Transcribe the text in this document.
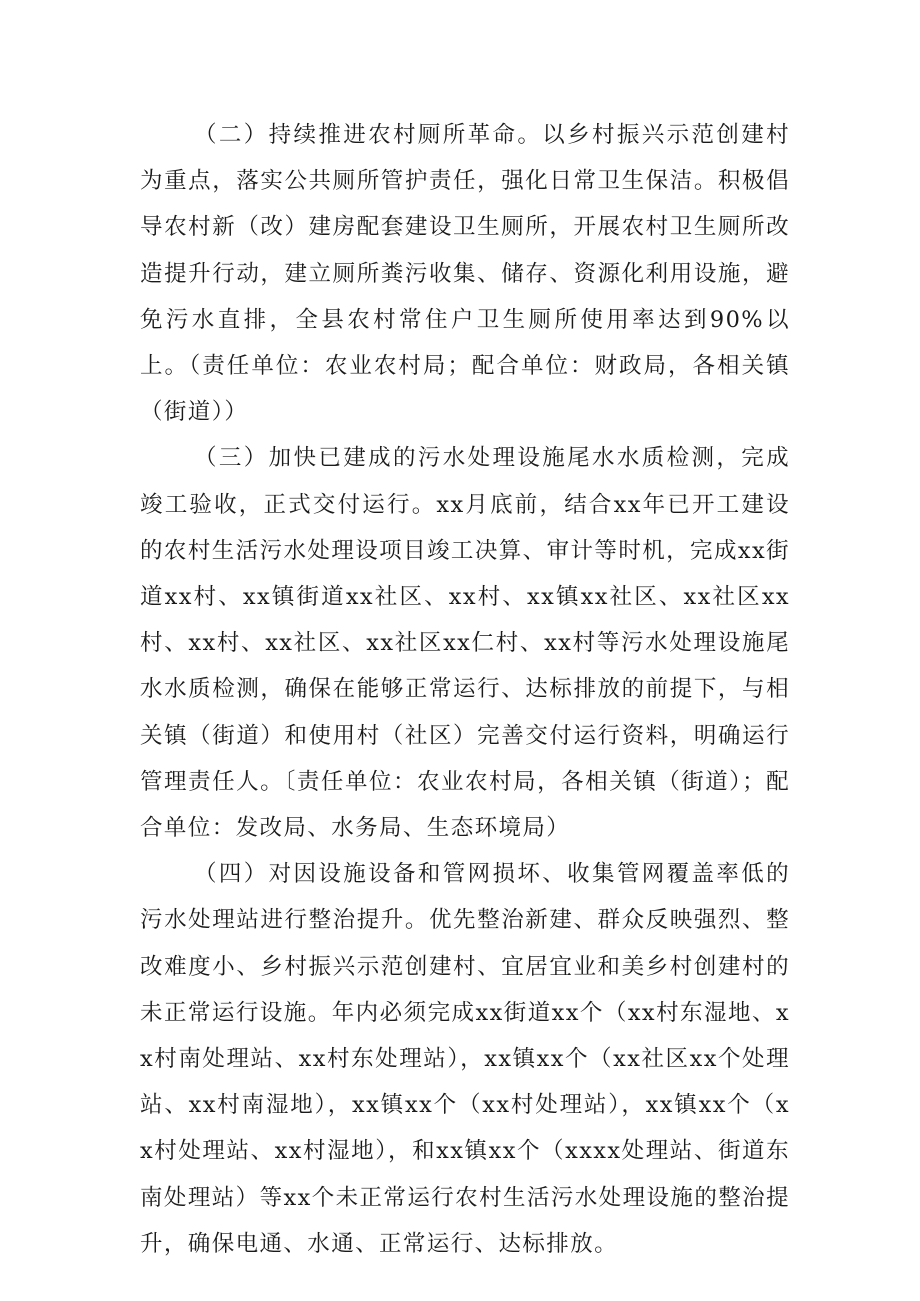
（二）持续推进农村厕所革命。以乡村振兴示范创建村为重点，落实公共厕所管护责任，强化日常卫生保洁。积极倡导农村新（改）建房配套建设卫生厕所，开展农村卫生厕所改造提升行动，建立厕所粪污收集、储存、资源化利用设施，避免污水直排，全县农村常住户卫生厕所使用率达到90%以上。（责任单位：农业农村局；配合单位：财政局，各相关镇（街道））

（三）加快已建成的污水处理设施尾水水质检测，完成竣工验收，正式交付运行。xx月底前，结合xx年已开工建设的农村生活污水处理设项目竣工决算、审计等时机，完成xx街道xx村、xx镇街道xx社区、xx村、xx镇xx社区、xx社区xx村、xx村、xx社区、xx社区xx仁村、xx村等污水处理设施尾水水质检测，确保在能够正常运行、达标排放的前提下，与相关镇（街道）和使用村（社区）完善交付运行资料，明确运行管理责任人。〔责任单位：农业农村局，各相关镇（街道）；配合单位：发改局、水务局、生态环境局）

（四）对因设施设备和管网损坏、收集管网覆盖率低的污水处理站进行整治提升。优先整治新建、群众反映强烈、整改难度小、乡村振兴示范创建村、宜居宜业和美乡村创建村的未正常运行设施。年内必须完成xx街道xx个（xx村东湿地、xx村南处理站、xx村东处理站），xx镇xx个（xx社区xx个处理站、xx村南湿地），xx镇xx个（xx村处理站），xx镇xx个（xx村处理站、xx村湿地），和xx镇xx个（xxxx处理站、街道东南处理站）等xx个未正常运行农村生活污水处理设施的整治提升，确保电通、水通、正常运行、达标排放。
